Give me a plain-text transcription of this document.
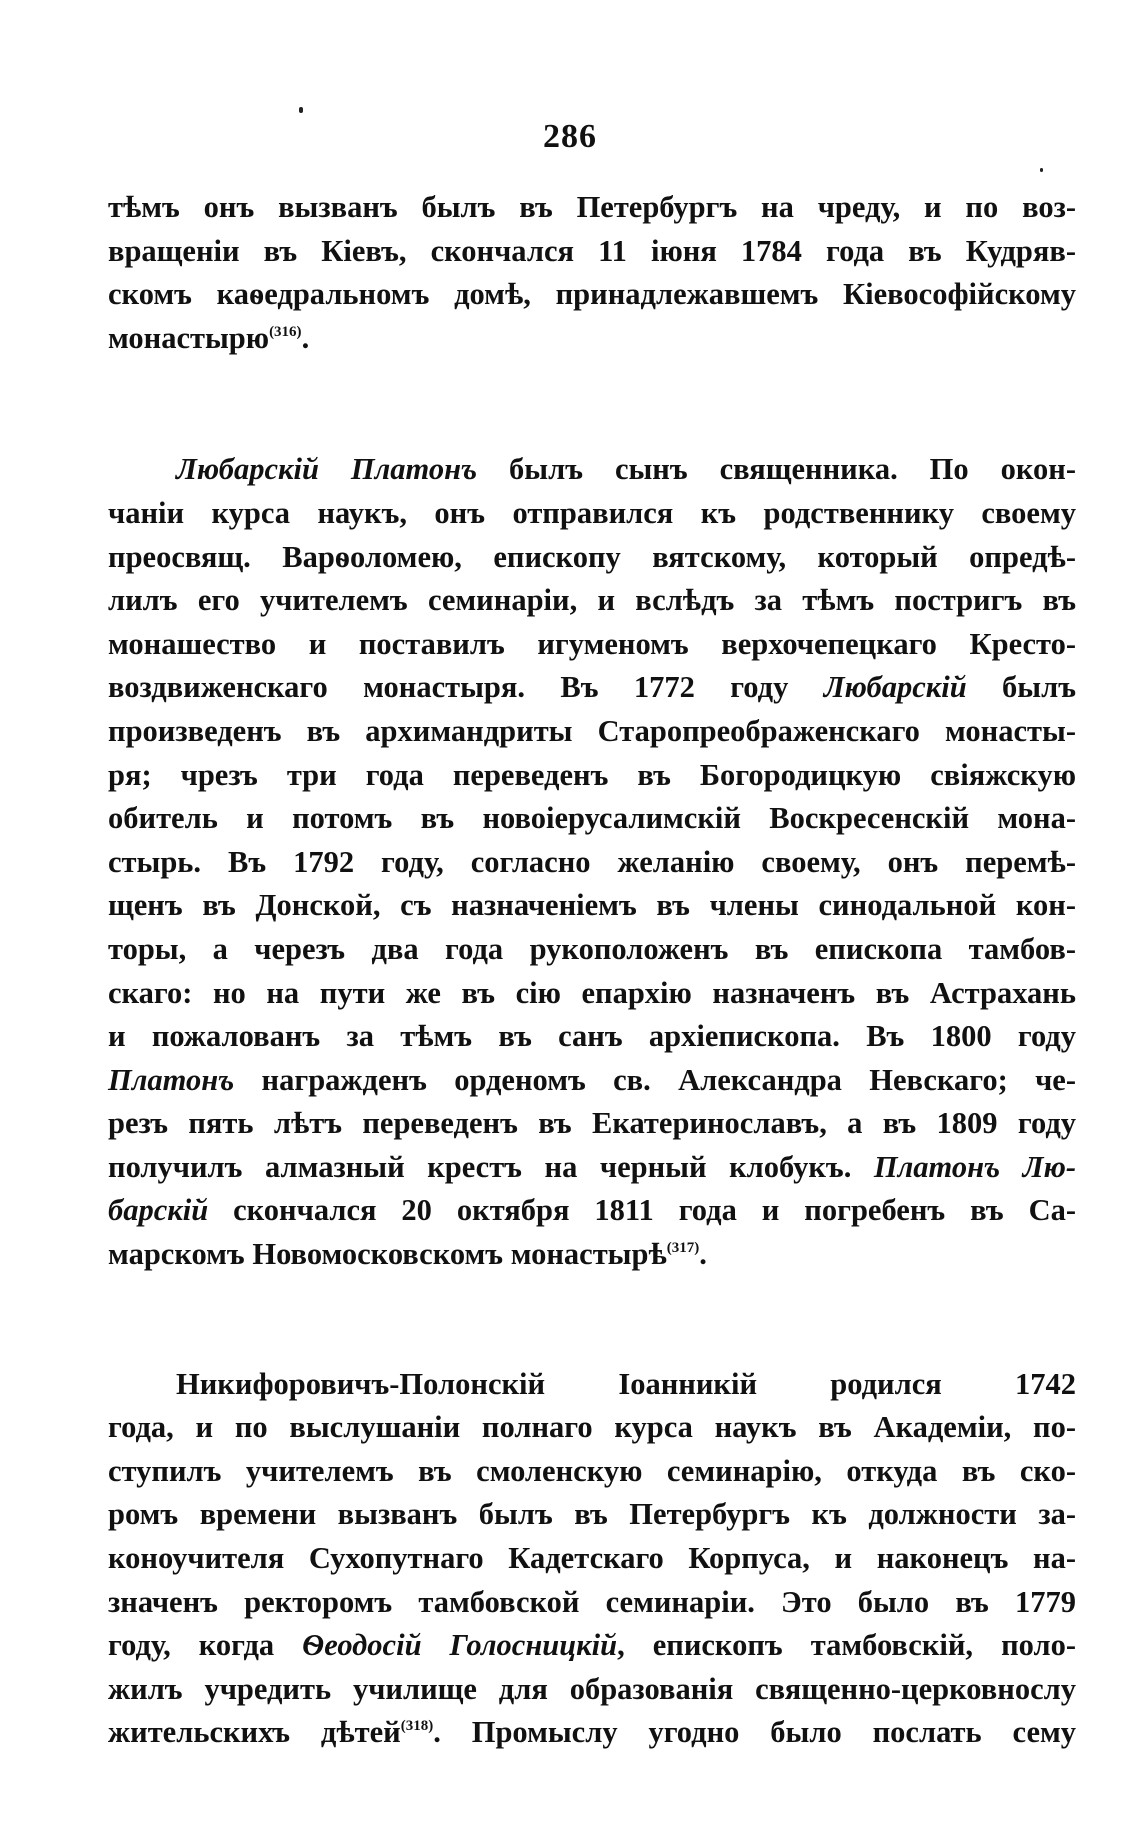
286

тѣмъ онъ вызванъ былъ въ Петербургъ на чреду, и по воз-
вращеніи въ Кіевъ, скончался 11 іюня 1784 года въ Кудряв-
скомъ каѳедральномъ домѣ, принадлежавшемъ Кіевософійскому
монастырю$^{(316)}$.

Любарскій Платонъ былъ сынъ священника. По окон-
чаніи курса наукъ, онъ отправился къ родственнику своему
преосвящ. Варѳоломею, епископу вятскому, который опредѣ-
лилъ его учителемъ семинаріи, и вслѣдъ за тѣмъ постригъ въ
монашество и поставилъ игуменомъ верхочепецкаго Кресто-
воздвиженскаго монастыря. Въ 1772 году Любарскій былъ
произведенъ въ архимандриты Старопреображенскаго монасты-
ря; чрезъ три года переведенъ въ Богородицкую свіяжскую
обитель и потомъ въ новоіерусалимскій Воскресенскій мона-
стырь. Въ 1792 году, согласно желанію своему, онъ перемѣ-
щенъ въ Донской, съ назначеніемъ въ члены синодальной кон-
торы, а черезъ два года рукоположенъ въ епископа тамбов-
скаго: но на пути же въ сію епархію назначенъ въ Астрахань
и пожалованъ за тѣмъ въ санъ архіепископа. Въ 1800 году
Платонъ награжденъ орденомъ св. Александра Невскаго; че-
резъ пять лѣтъ переведенъ въ Екатеринославъ, а въ 1809 году
получилъ алмазный крестъ на черный клобукъ. Платонъ Лю-
барскій скончался 20 октября 1811 года и погребенъ въ Са-
марскомъ Новомосковскомъ монастырѣ$^{(317)}$.

Никифоровичъ-Полонскій Іоанникій родился 1742
года, и по выслушаніи полнаго курса наукъ въ Академіи, по-
ступилъ учителемъ въ смоленскую семинарію, откуда въ ско-
ромъ времени вызванъ былъ въ Петербургъ къ должности за-
коноучителя Сухопутнаго Кадетскаго Корпуса, и наконецъ на-
значенъ ректоромъ тамбовской семинаріи. Это было въ 1779
году, когда Ѳеодосій Голосницкій, епископъ тамбовскій, поло-
жилъ учредить училище для образованія священно-церковнослу
жительскихъ дѣтей$^{(318)}$. Промыслу угодно было послать сему
